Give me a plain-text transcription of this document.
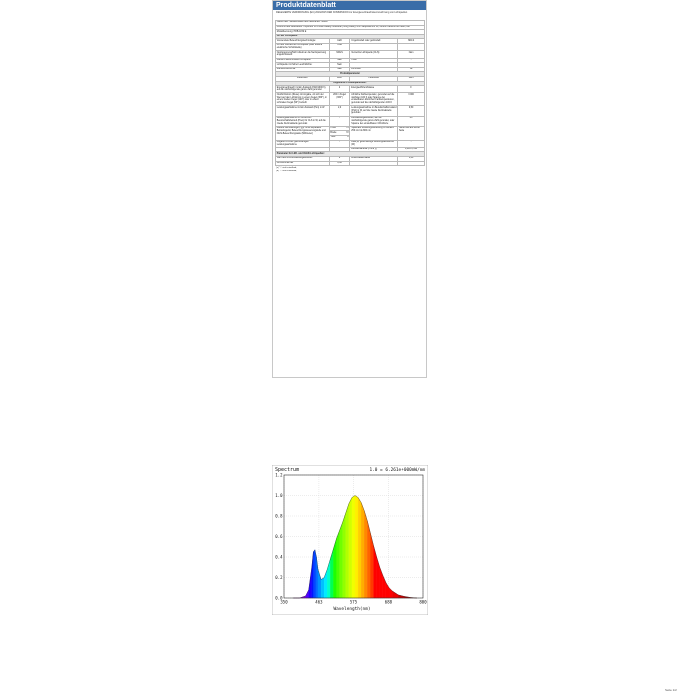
Produktdatenblatt
DELEGIERTE VERORDNUNG (EU) 2019/2015 DER KOMMISSION zur Energieverbrauchskennzeichnung von Lichtquellen
Name oder Handelsmarke des Lieferanten: Molus			
Anschrift des Lieferanten: Importeur für Power Beauty Industrial (Hong Guan), Am Hauptbahnhof 10, 60329 Frankfurt am Main, DE			
Modellkennung: PRB-1159 E			
Art der Lichtquelle:			
Verwendete Beleuchtungstechnologie:	LED	Ungebündelt oder gebündelt:	NDLS
Art des Sockels der Lichtquelle (oder andere elektrische Schnittstelle)	USB		
Netzspannung/Nicht direkt an die Netzspannung angeschlossen:	NMLS	Vernetzte Lichtquelle (CLS):	Nein
Farblich abstimmbare Lichtquelle:	Nein	Hülle:	-
Lichtquelle mit hoher Leuchtdichte:	Nein		
Blendschutzschild:	Nein	Dimmbar:	Ja
Produktparameter			
Parameter	Wert	Parameter	Wert
Allgemeine Produktparameter:			
Energieverbrauch im Ein-Zustand (kWh/1000 h), auf die nächstfolgende ganze Zahl gerundet	2	Energieeffizienzklasse	F
Nutzlichtstrom (Φuse) mit Angabe, ob sich der Wert auf den Lichtstrom in einem Kegel (360°), in einem breiten Kegel (120°) oder in einem schmalen Kegel (90°) bezieht	200 in Kugel (360°)	Ähnliche Farbtemperatur, gerundet auf die nächsten 100 K oder Spanne der einstellbaren ähnlichen Farbtemperaturen, gerundet auf die nächstfolgenden 100 K	3 000
Leistungsaufnahme im Ein-Zustand (Pon) in W	2,0	Leistungsaufnahme im Bereitschaftszustand (Psb) in W, auf die zweite Dezimalstelle gerundet	0,50
Leistungsaufnahme im vernetzten Bereitschaftsbetrieb (Pnet) für CLS in W, auf die zweite Dezimalstelle gerundet	-	Farbwiedergabeindex, auf die nächstfolgende ganze Zahl gerundet, oder Spanne der einstellbaren CRI-Werte	80
Äußere Abmessungen, ggf. ohne separates Betriebsgerät, Beleuchtungssteuerungsteile und Nicht-Beleuchtungsteile (Millimeter)	Höhe 76	Spektrale Strahlungsverteilung im Bereich 250 nm bis 800 nm	Siehe Bild auf letzter Seite
	Breite 72		

	Tiefe 8		

Angabe zu einer gleichwertigen Leistungsaufnahme	-	Falls ja, gleichwertige Leistungsaufnahme (W)	-
		Farbwertanteile (x und y)	0,426 0,391
Parameter für LED- und OLED-Lichtquellen:			
Wert des R9-Farbwiedergabeindex	0	Lebensdauerfaktor	1,00
Lichtstromerhalt	0,96		
(a) "-": nicht zutreffend;			
(b) "-": nicht zutreffend;			
Spectrum	1.0 = 6.261e+000mW/nm
0.0
0.2
0.4
0.6
0.8
1.0
1.2
350	463	575	688	800
Wavelength(nm)
Seite 1/2
